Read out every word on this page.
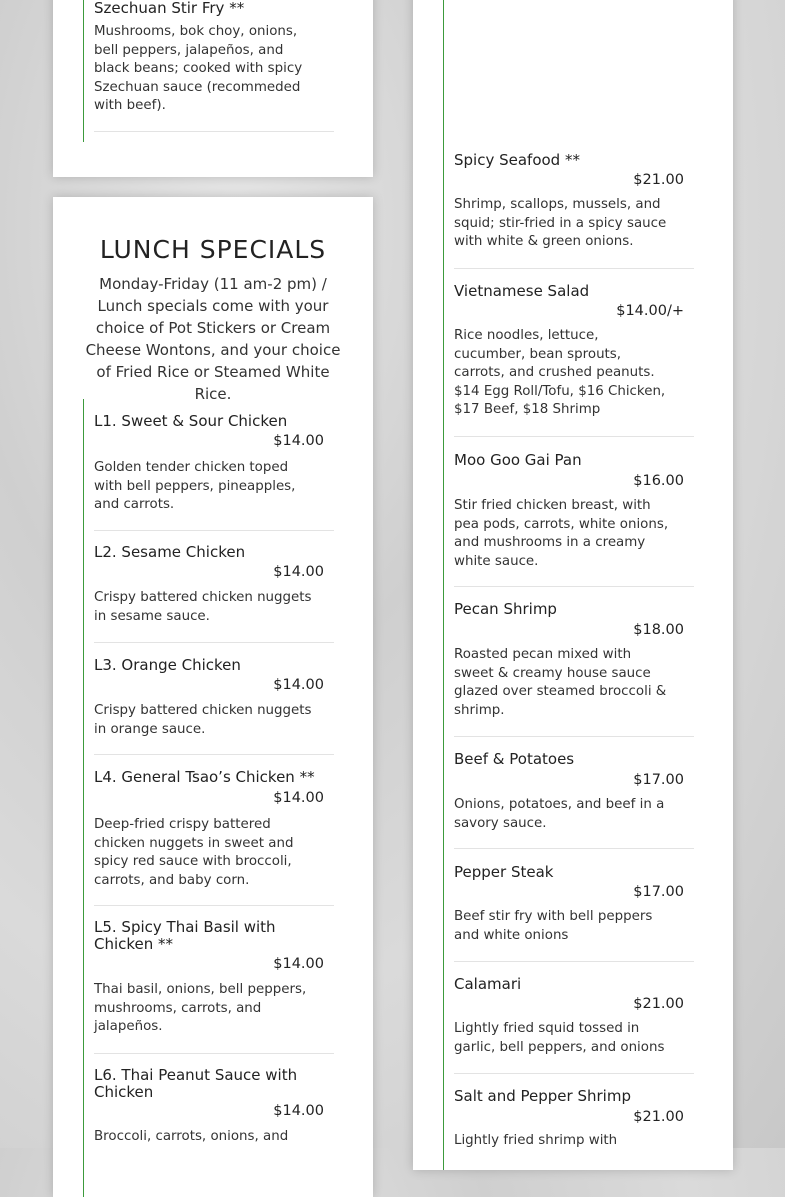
Szechuan Stir Fry **
Mushrooms, bok choy, onions, bell peppers, jalapeños, and black beans; cooked with spicy Szechuan sauce (recommeded with beef).
LUNCH SPECIALS
Monday-Friday (11 am-2 pm) / Lunch specials come with your choice of Pot Stickers or Cream Cheese Wontons, and your choice of Fried Rice or Steamed White Rice.
L1. Sweet & Sour Chicken
$14.00
Golden tender chicken toped with bell peppers, pineapples, and carrots.
L2. Sesame Chicken
$14.00
Crispy battered chicken nuggets in sesame sauce.
L3. Orange Chicken
$14.00
Crispy battered chicken nuggets in orange sauce.
L4. General Tsao’s Chicken **
$14.00
Deep-fried crispy battered chicken nuggets in sweet and spicy red sauce with broccoli, carrots, and baby corn.
L5. Spicy Thai Basil with Chicken **
$14.00
Thai basil, onions, bell peppers, mushrooms, carrots, and jalapeños.
L6. Thai Peanut Sauce with Chicken
$14.00
Broccoli, carrots, onions, and
Spicy Seafood **
$21.00
Shrimp, scallops, mussels, and squid; stir-fried in a spicy sauce with white & green onions.
Vietnamese Salad
$14.00/+
Rice noodles, lettuce, cucumber, bean sprouts, carrots, and crushed peanuts. $14 Egg Roll/Tofu, $16 Chicken, $17 Beef, $18 Shrimp
Moo Goo Gai Pan
$16.00
Stir fried chicken breast, with pea pods, carrots, white onions, and mushrooms in a creamy white sauce.
Pecan Shrimp
$18.00
Roasted pecan mixed with sweet & creamy house sauce glazed over steamed broccoli & shrimp.
Beef & Potatoes
$17.00
Onions, potatoes, and beef in a savory sauce.
Pepper Steak
$17.00
Beef stir fry with bell peppers and white onions
Calamari
$21.00
Lightly fried squid tossed in garlic, bell peppers, and onions
Salt and Pepper Shrimp
$21.00
Lightly fried shrimp with
